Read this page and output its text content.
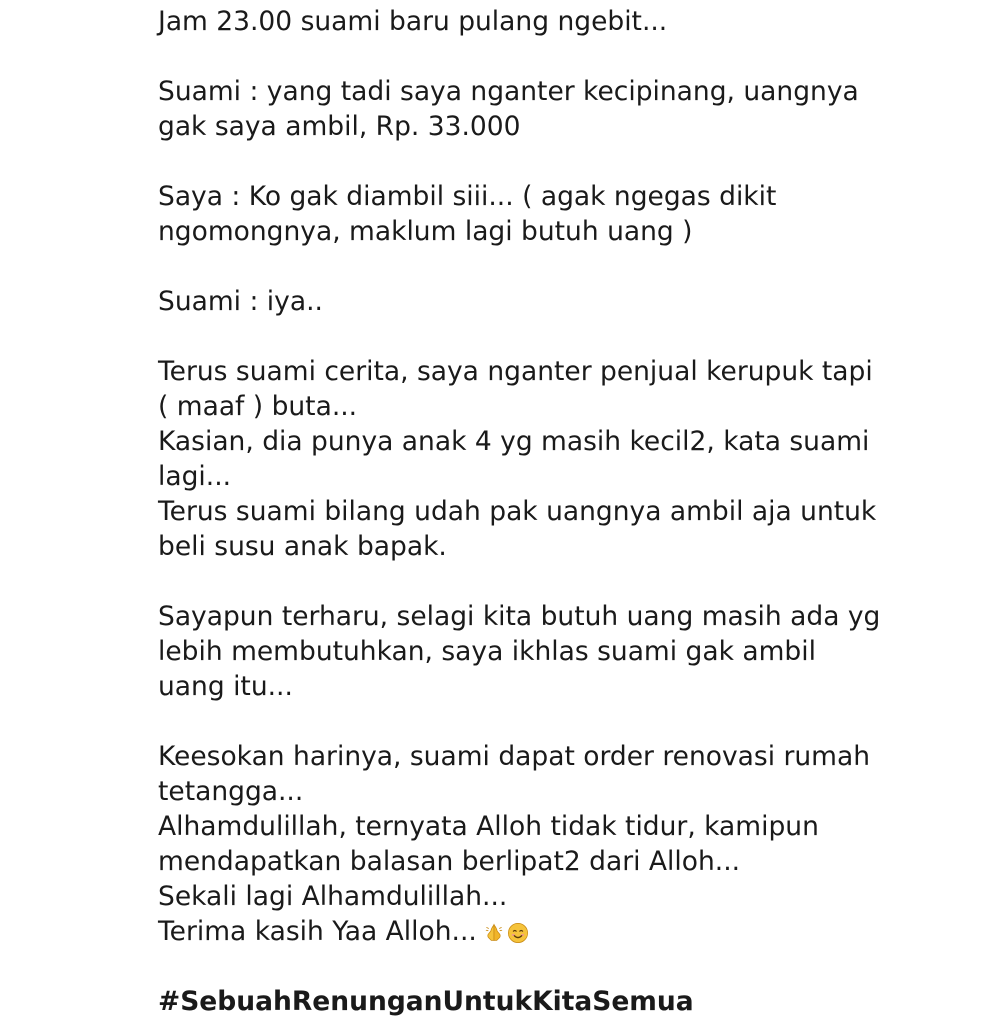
Jam 23.00 suami baru pulang ngebit...
Suami : yang tadi saya nganter kecipinang, uangnya
gak saya ambil, Rp. 33.000
Saya : Ko gak diambil siii... ( agak ngegas dikit
ngomongnya, maklum lagi butuh uang )
Suami : iya..
Terus suami cerita, saya nganter penjual kerupuk tapi
( maaf ) buta...
Kasian, dia punya anak 4 yg masih kecil2, kata suami
lagi...
Terus suami bilang udah pak uangnya ambil aja untuk
beli susu anak bapak.
Sayapun terharu, selagi kita butuh uang masih ada yg
lebih membutuhkan, saya ikhlas suami gak ambil
uang itu...
Keesokan harinya, suami dapat order renovasi rumah
tetangga...
Alhamdulillah, ternyata Alloh tidak tidur, kamipun
mendapatkan balasan berlipat2 dari Alloh...
Sekali lagi Alhamdulillah...
Terima kasih Yaa Alloh...
#SebuahRenunganUntukKitaSemua
